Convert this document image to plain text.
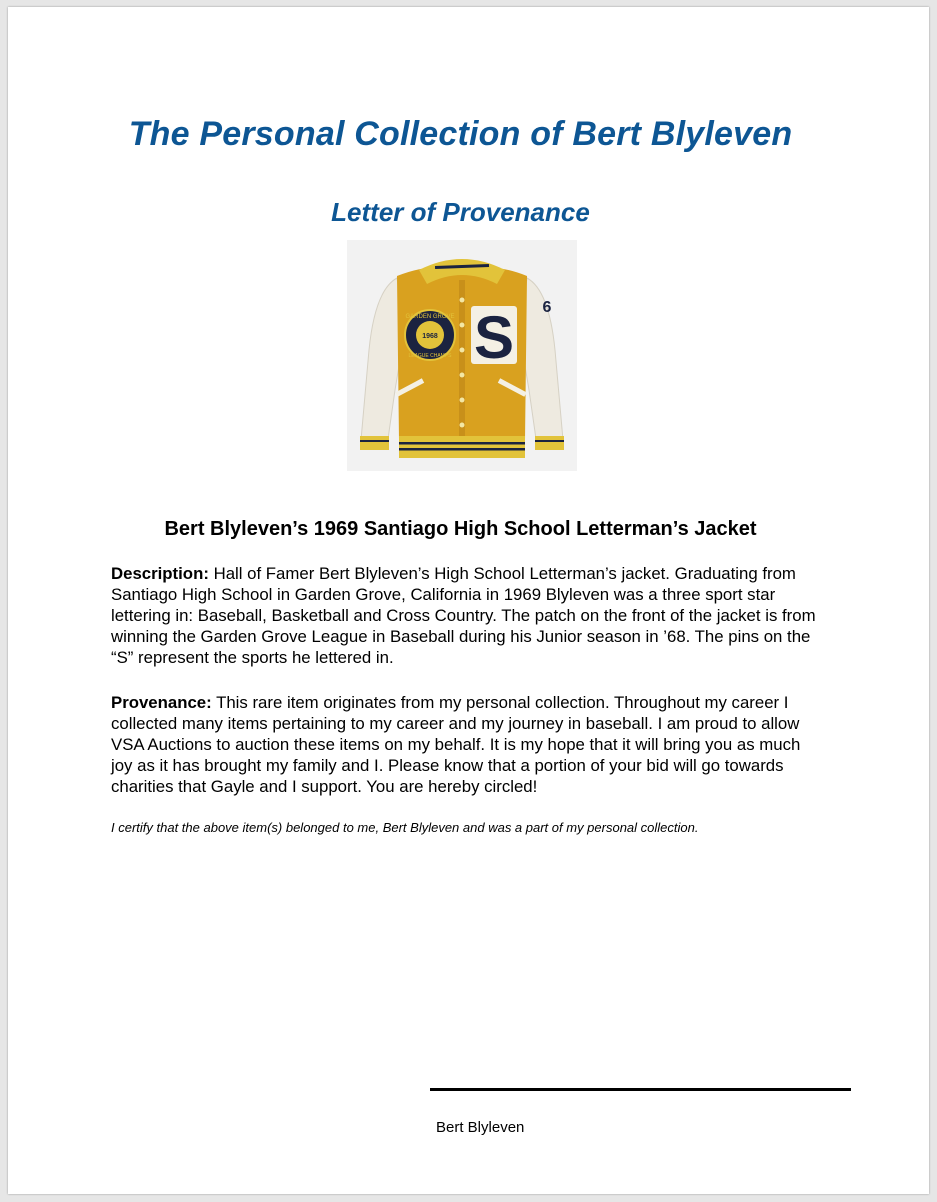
The Personal Collection of Bert Blyleven
Letter of Provenance
GARDEN GROVE
1968
LEAGUE CHAMPS S 6
Bert Blyleven’s 1969 Santiago High School Letterman’s Jacket
Description: Hall of Famer Bert Blyleven’s High School Letterman’s jacket. Graduating from Santiago High School in Garden Grove, California in 1969 Blyleven was a three sport star lettering in: Baseball, Basketball and Cross Country. The patch on the front of the jacket is from winning the Garden Grove League in Baseball during his Junior season in ’68. The pins on the “S” represent the sports he lettered in.
Provenance: This rare item originates from my personal collection. Throughout my career I collected many items pertaining to my career and my journey in baseball. I am proud to allow VSA Auctions to auction these items on my behalf. It is my hope that it will bring you as much joy as it has brought my family and I. Please know that a portion of your bid will go towards charities that Gayle and I support. You are hereby circled!
I certify that the above item(s) belonged to me, Bert Blyleven and was a part of my personal collection.
Bert Blyleven
